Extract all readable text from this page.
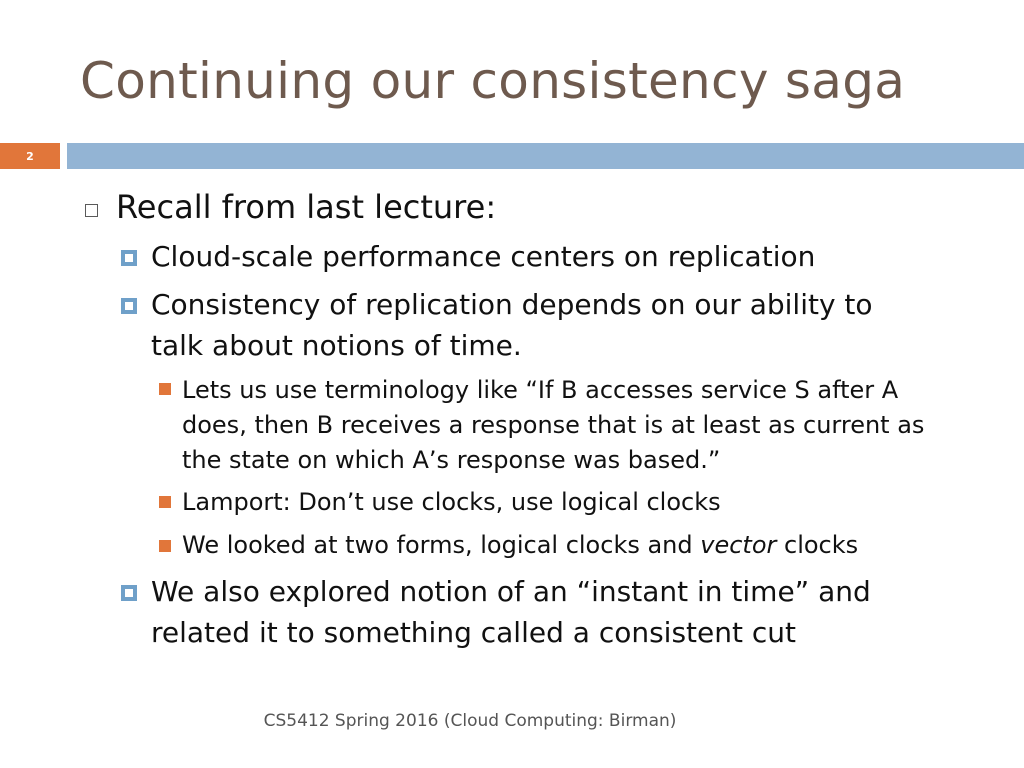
Continuing our consistency saga
2
Recall from last lecture:
Cloud-scale performance centers on replication
Consistency of replication depends on our ability to
talk about notions of time.
Lets us use terminology like “If B accesses service S after A
does, then B receives a response that is at least as current as
the state on which A’s response was based.”
Lamport: Don’t use clocks, use logical clocks
We looked at two forms, logical clocks and vector clocks
We also explored notion of an “instant in time” and
related it to something called a consistent cut
CS5412 Spring 2016 (Cloud Computing: Birman)
